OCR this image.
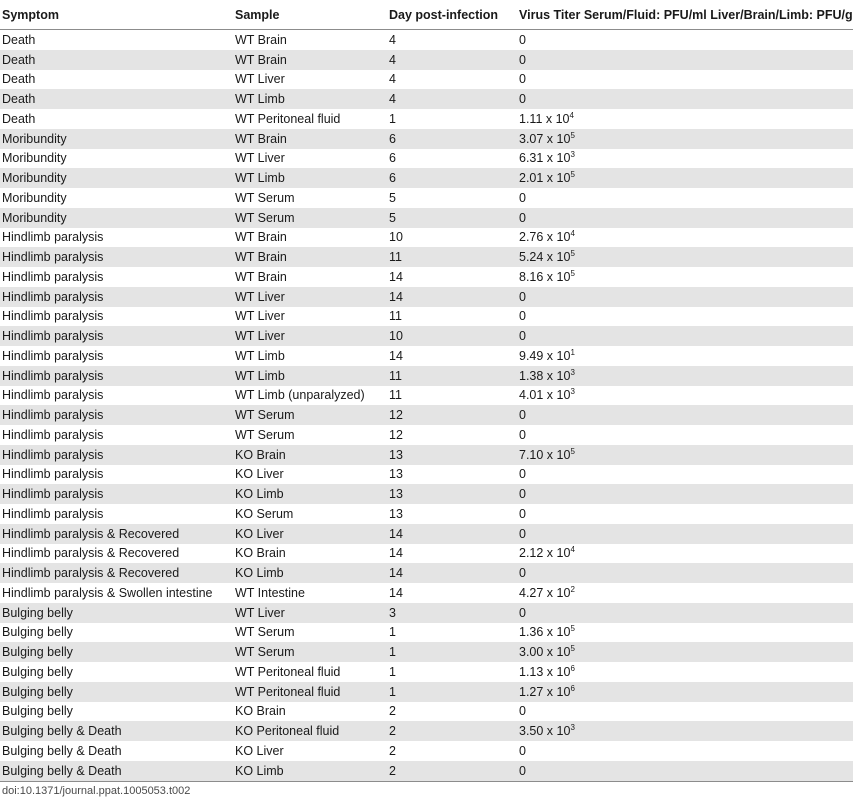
Symptom	Sample	Day post-infection	Virus Titer Serum/Fluid: PFU/ml Liver/Brain/Limb: PFU/g
Death	WT Brain	4	0
Death	WT Brain	4	0
Death	WT Liver	4	0
Death	WT Limb	4	0
Death	WT Peritoneal fluid	1	1.11 x $10^4$
Moribundity	WT Brain	6	3.07 x $10^5$
Moribundity	WT Liver	6	6.31 x $10^3$
Moribundity	WT Limb	6	2.01 x $10^5$
Moribundity	WT Serum	5	0
Moribundity	WT Serum	5	0
Hindlimb paralysis	WT Brain	10	2.76 x $10^4$
Hindlimb paralysis	WT Brain	11	5.24 x $10^5$
Hindlimb paralysis	WT Brain	14	8.16 x $10^5$
Hindlimb paralysis	WT Liver	14	0
Hindlimb paralysis	WT Liver	11	0
Hindlimb paralysis	WT Liver	10	0
Hindlimb paralysis	WT Limb	14	9.49 x $10^1$
Hindlimb paralysis	WT Limb	11	1.38 x $10^3$
Hindlimb paralysis	WT Limb (unparalyzed)	11	4.01 x $10^3$
Hindlimb paralysis	WT Serum	12	0
Hindlimb paralysis	WT Serum	12	0
Hindlimb paralysis	KO Brain	13	7.10 x $10^5$
Hindlimb paralysis	KO Liver	13	0
Hindlimb paralysis	KO Limb	13	0
Hindlimb paralysis	KO Serum	13	0
Hindlimb paralysis & Recovered	KO Liver	14	0
Hindlimb paralysis & Recovered	KO Brain	14	2.12 x $10^4$
Hindlimb paralysis & Recovered	KO Limb	14	0
Hindlimb paralysis & Swollen intestine	WT Intestine	14	4.27 x $10^2$
Bulging belly	WT Liver	3	0
Bulging belly	WT Serum	1	1.36 x $10^5$
Bulging belly	WT Serum	1	3.00 x $10^5$
Bulging belly	WT Peritoneal fluid	1	1.13 x $10^6$
Bulging belly	WT Peritoneal fluid	1	1.27 x $10^6$
Bulging belly	KO Brain	2	0
Bulging belly & Death	KO Peritoneal fluid	2	3.50 x $10^3$
Bulging belly & Death	KO Liver	2	0
Bulging belly & Death	KO Limb	2	0
doi:10.1371/journal.ppat.1005053.t002
